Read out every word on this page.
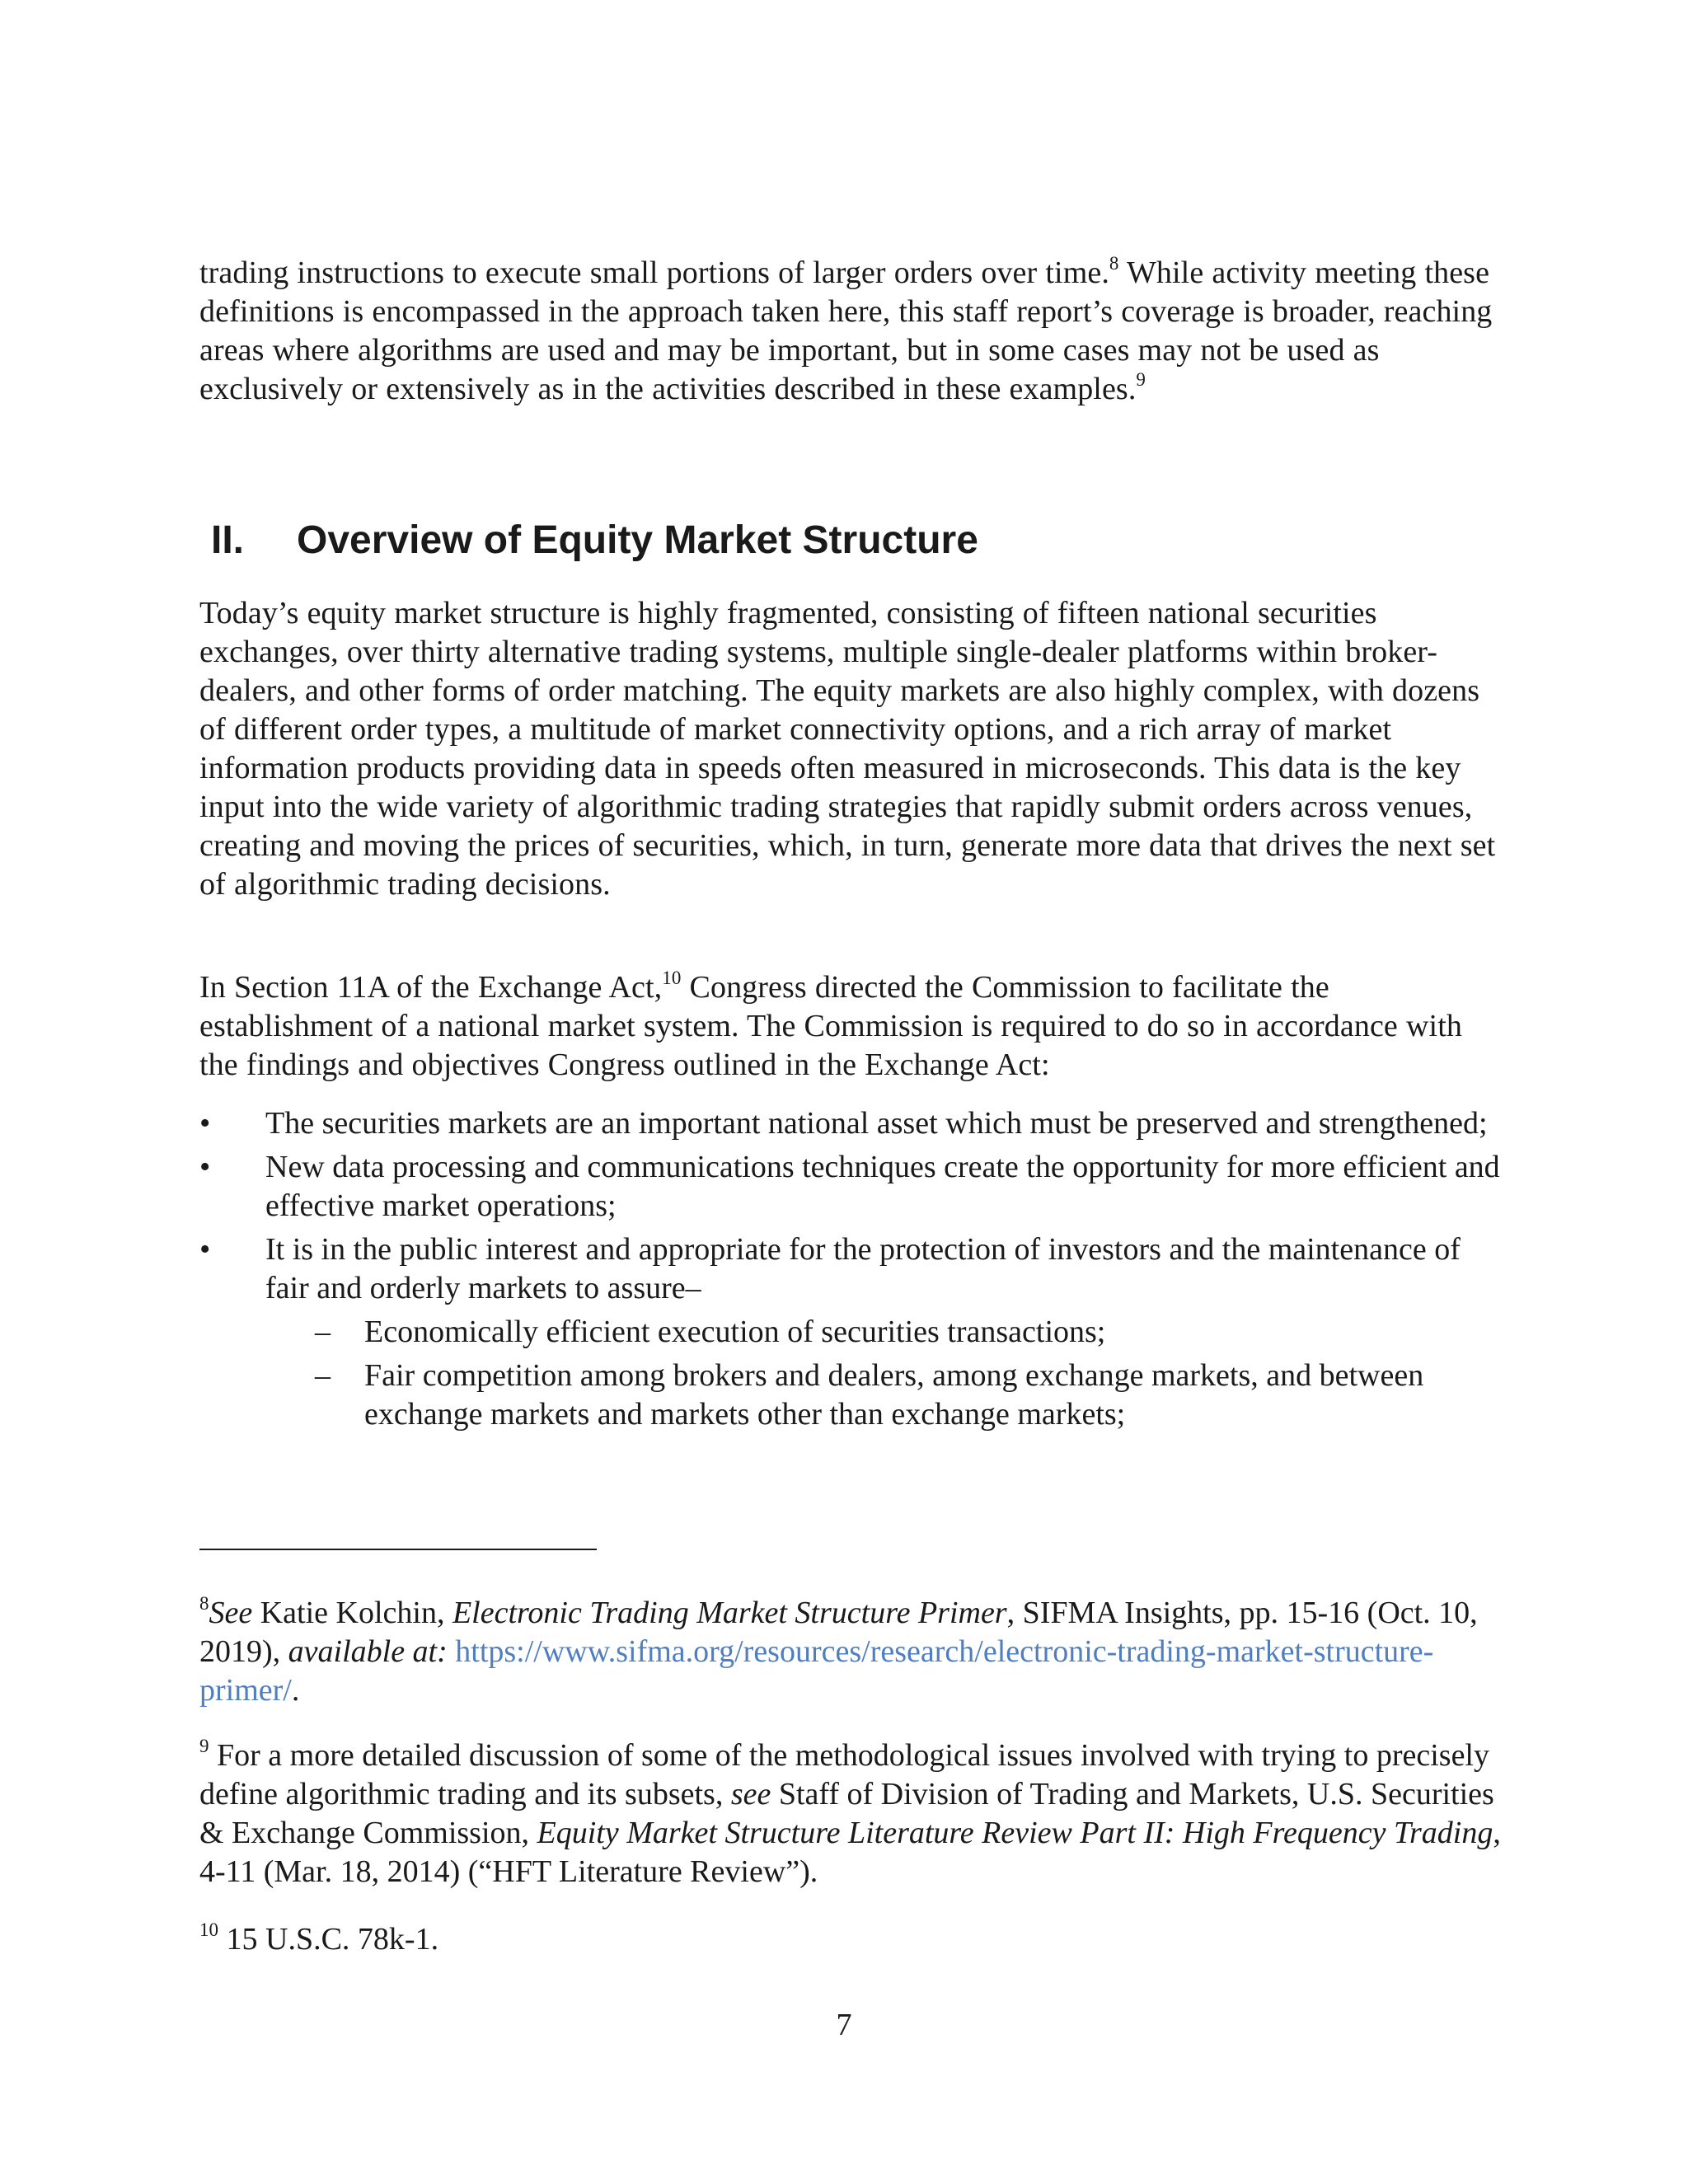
trading instructions to execute small portions of larger orders over time.$^8$ While activity meeting these definitions is encompassed in the approach taken here, this staff report’s coverage is broader, reaching areas where algorithms are used and may be important, but in some cases may not be used as exclusively or extensively as in the activities described in these examples.$^9$

II. Overview of Equity Market Structure

Today’s equity market structure is highly fragmented, consisting of fifteen national securities exchanges, over thirty alternative trading systems, multiple single-dealer platforms within broker-dealers, and other forms of order matching. The equity markets are also highly complex, with dozens of different order types, a multitude of market connectivity options, and a rich array of market information products providing data in speeds often measured in microseconds. This data is the key input into the wide variety of algorithmic trading strategies that rapidly submit orders across venues, creating and moving the prices of securities, which, in turn, generate more data that drives the next set of algorithmic trading decisions.

In Section 11A of the Exchange Act,$^{10}$ Congress directed the Commission to facilitate the establishment of a national market system. The Commission is required to do so in accordance with the findings and objectives Congress outlined in the Exchange Act:

•	The securities markets are an important national asset which must be preserved and strengthened;
•	New data processing and communications techniques create the opportunity for more efficient and effective market operations;
•	It is in the public interest and appropriate for the protection of investors and the maintenance of fair and orderly markets to assure–
– Economically efficient execution of securities transactions;
– Fair competition among brokers and dealers, among exchange markets, and between exchange markets and markets other than exchange markets;

$^8$See Katie Kolchin, Electronic Trading Market Structure Primer, SIFMA Insights, pp. 15-16 (Oct. 10, 2019), available at: https://www.sifma.org/resources/research/electronic-trading-market-structure-primer/.

$^9$ For a more detailed discussion of some of the methodological issues involved with trying to precisely define algorithmic trading and its subsets, see Staff of Division of Trading and Markets, U.S. Securities & Exchange Commission, Equity Market Structure Literature Review Part II: High Frequency Trading, 4-11 (Mar. 18, 2014) (“HFT Literature Review”).

$^{10}$ 15 U.S.C. 78k-1.

7
